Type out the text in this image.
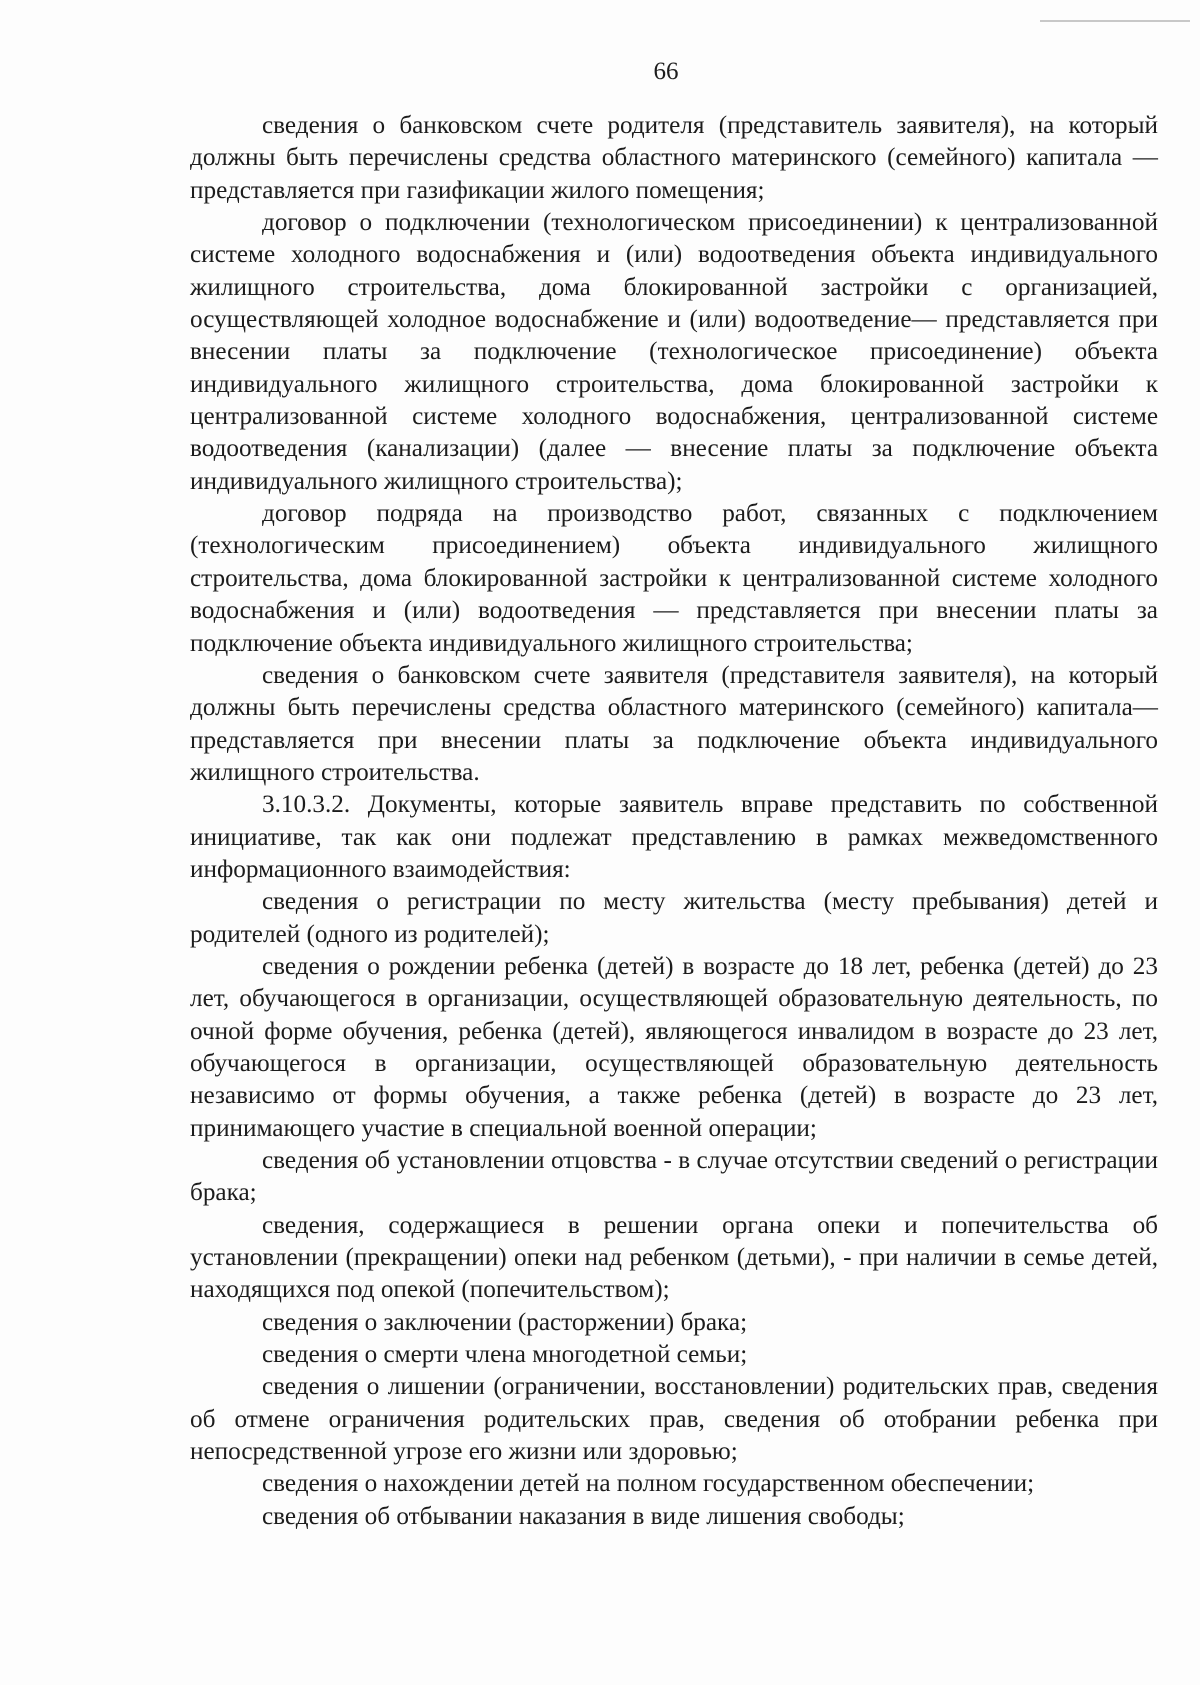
66

сведения о банковском счете родителя (представитель заявителя), на который должны быть перечислены средства областного материнского (семейного) капитала — представляется при газификации жилого помещения;

договор о подключении (технологическом присоединении) к централизованной системе холодного водоснабжения и (или) водоотведения объекта индивидуального жилищного строительства, дома блокированной застройки с организацией, осуществляющей холодное водоснабжение и (или) водоотведение— представляется при внесении платы за подключение (технологическое присоединение) объекта индивидуального жилищного строительства, дома блокированной застройки к централизованной системе холодного водоснабжения, централизованной системе водоотведения (канализации) (далее — внесение платы за подключение объекта индивидуального жилищного строительства);

договор подряда на производство работ, связанных с подключением (технологическим присоединением) объекта индивидуального жилищного строительства, дома блокированной застройки к централизованной системе холодного водоснабжения и (или) водоотведения — представляется при внесении платы за подключение объекта индивидуального жилищного строительства;

сведения о банковском счете заявителя (представителя заявителя), на который должны быть перечислены средства областного материнского (семейного) капитала— представляется при внесении платы за подключение объекта индивидуального жилищного строительства.

3.10.3.2. Документы, которые заявитель вправе представить по собственной инициативе, так как они подлежат представлению в рамках межведомственного информационного взаимодействия:

сведения о регистрации по месту жительства (месту пребывания) детей и родителей (одного из родителей);

сведения о рождении ребенка (детей) в возрасте до 18 лет, ребенка (детей) до 23 лет, обучающегося в организации, осуществляющей образовательную деятельность, по очной форме обучения, ребенка (детей), являющегося инвалидом в возрасте до 23 лет, обучающегося в организации, осуществляющей образовательную деятельность независимо от формы обучения, а также ребенка (детей) в возрасте до 23 лет, принимающего участие в специальной военной операции;

сведения об установлении отцовства - в случае отсутствии сведений о регистрации брака;

сведения, содержащиеся в решении органа опеки и попечительства об установлении (прекращении) опеки над ребенком (детьми), - при наличии в семье детей, находящихся под опекой (попечительством);

сведения о заключении (расторжении) брака;

сведения о смерти члена многодетной семьи;

сведения о лишении (ограничении, восстановлении) родительских прав, сведения об отмене ограничения родительских прав, сведения об отобрании ребенка при непосредственной угрозе его жизни или здоровью;

сведения о нахождении детей на полном государственном обеспечении;

сведения об отбывании наказания в виде лишения свободы;
